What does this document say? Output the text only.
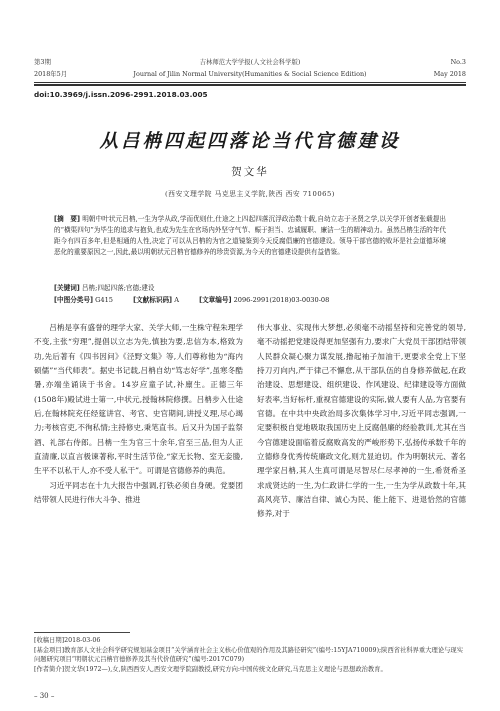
第3期
2018年5月
吉林师范大学学报(人文社会科学版)
Journal of Jilin Normal University(Humanities & Social Science Edition)
No.3
May 2018
doi:10.3969/j.issn.2096-2991.2018.03.005
从吕柟四起四落论当代官德建设
贺文华
(西安文理学院 马克思主义学院,陕西 西安 710065)
[摘　要] 明朝中叶状元吕柟,一生为学从政,学而优则仕,仕途之上四起四落沉浮政治数十载,自幼立志于圣贤之学,以关学开创者张载提出的“横渠四句”为毕生的追求与抱负,也成为先生在官场内外坚守气节、赈于担当、忠诚履职、廉洁一生的精神动力。虽然吕柟生活的年代距今有四百多年,但是相通的人性,决定了可以从吕柟的为官之道镜鉴到今天反腐倡廉的官德建设。领导干部官德的败坏是社会道德环境恶化的重要原因之一,因此,最以明朝状元吕柟官德修养的珍贵资源,为今天的官德建设提供有益借鉴。
[关键词] 吕柟;四起四落;官德;建设
[中图分类号] G415	[文献标识码] A	[文章编号] 2096-2991(2018)03-0030-08

吕柟是享有盛誉的理学大家、关学大师,一生株守程朱理学不变,主张“穷理”,提倡以立志为先,慎独为要,忠信为本,格致为功,先后著有《四书因问》《泾野文集》等,人们尊称他为“海内硕儒”“当代师表”。据史书记载,吕柟自幼“笃志好学”,虽寒冬酷暑,亦端坐诵读于书舍。14岁应童子试,补廪生。正德三年(1508年)殿试进士第一,中状元,授翰林院修撰。吕柟步入仕途后,在翰林院充任经筵讲官、考官、史官期间,讲授义理,尽心竭力;考核官吏,不徇私情;主持修史,秉笔直书。后又升为国子监祭酒、礼部右侍郎。吕柟一生为官三十余年,官至三品,但为人正直清廉,以直言极谏著称,平时生活节俭,“家无长物、室无妾媵,生平不以私干人,亦不受人私干”。可谓是官德修养的典范。

习近平同志在十九大报告中强调,打铁必须自身硬。党要团结带领人民进行伟大斗争、推进

伟大事业、实现伟大梦想,必须毫不动摇坚持和完善党的领导,毫不动摇把党建设得更加坚强有力,要求广大党员干部团结带领人民群众凝心聚力谋发展,撸起袖子加油干,更要求全党上下坚持刀刃向内,严于律己不懈怠,从干部队伍的自身修养做起,在政治建设、思想建设、组织建设、作风建设、纪律建设等方面做好表率,当好标杆,重视官德建设的实际,做人要有人品,为官要有官德。在中共中央政治局多次集体学习中,习近平同志强调,一定要积极自觉地吸取我国历史上反腐倡廉的经验教训,尤其在当今官德建设面临着反腐败高发的严峻形势下,弘扬传承数千年的立德修身优秀传统廉政文化,则尤显迫切。作为明朝状元、著名理学家吕柟,其人生真可谓是尽智尽仁尽孝神的一生,希贤希圣求成贤达的一生,为仁政讲仁学的一生,一生为学从政数十年,其高风亮节、廉洁自律、诚心为民、能上能下、进退恰然的官德修养,对于

[收稿日期]2018-03-06
[基金项目]教育部人文社会科学研究规划基金项目“关学涵育社会主义核心价值观的作用及其路径研究”(编号:15YJA710009);陕西省社科界重大理论与现实问题研究项目“明朝状元吕柟官德修养及其当代价值研究”(编号:2017C079)
[作者简介]贺文华(1972—),女,陕西西安人,西安文理学院副教授,研究方向:中国传统文化研究,马克思主义理论与思想政治教育。
– 30 –
